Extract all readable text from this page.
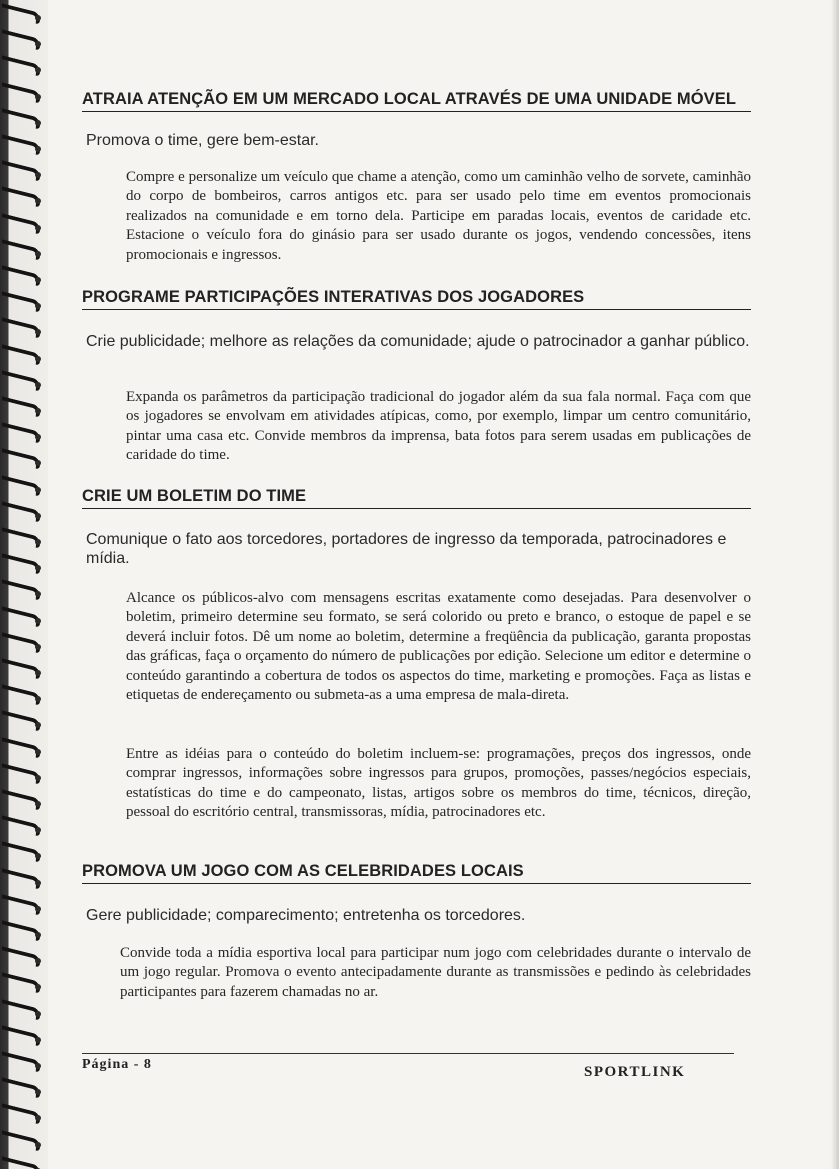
ATRAIA ATENÇÃO EM UM MERCADO LOCAL ATRAVÉS DE UMA UNIDADE MÓVEL
Promova o time, gere bem-estar.
Compre e personalize um veículo que chame a atenção, como um caminhão velho de sorvete, caminhão do corpo de bombeiros, carros antigos etc. para ser usado pelo time em eventos promocionais realizados na comunidade e em torno dela. Participe em paradas locais, eventos de caridade etc. Estacione o veículo fora do ginásio para ser usado durante os jogos, vendendo concessões, itens promocionais e ingressos.
PROGRAME PARTICIPAÇÕES INTERATIVAS DOS JOGADORES
Crie publicidade; melhore as relações da comunidade; ajude o patrocinador a ganhar público.
Expanda os parâmetros da participação tradicional do jogador além da sua fala normal. Faça com que os jogadores se envolvam em atividades atípicas, como, por exemplo, limpar um centro comunitário, pintar uma casa etc. Convide membros da imprensa, bata fotos para serem usadas em publicações de caridade do time.
CRIE UM BOLETIM DO TIME
Comunique o fato aos torcedores, portadores de ingresso da temporada, patrocinadores e mídia.
Alcance os públicos-alvo com mensagens escritas exatamente como desejadas. Para desenvolver o boletim, primeiro determine seu formato, se será colorido ou preto e branco, o estoque de papel e se deverá incluir fotos. Dê um nome ao boletim, determine a freqüência da publicação, garanta propostas das gráficas, faça o orçamento do número de publicações por edição. Selecione um editor e determine o conteúdo garantindo a cobertura de todos os aspectos do time, marketing e promoções. Faça as listas e etiquetas de endereçamento ou submeta-as a uma empresa de mala-direta.
Entre as idéias para o conteúdo do boletim incluem-se: programações, preços dos ingressos, onde comprar ingressos, informações sobre ingressos para grupos, promoções, passes/negócios especiais, estatísticas do time e do campeonato, listas, artigos sobre os membros do time, técnicos, direção, pessoal do escritório central, transmissoras, mídia, patrocinadores etc.
PROMOVA UM JOGO COM AS CELEBRIDADES LOCAIS
Gere publicidade; comparecimento; entretenha os torcedores.
Convide toda a mídia esportiva local para participar num jogo com celebridades durante o intervalo de um jogo regular. Promova o evento antecipadamente durante as transmissões e pedindo às celebridades participantes para fazerem chamadas no ar.
Página - 8	SPORTLINK
